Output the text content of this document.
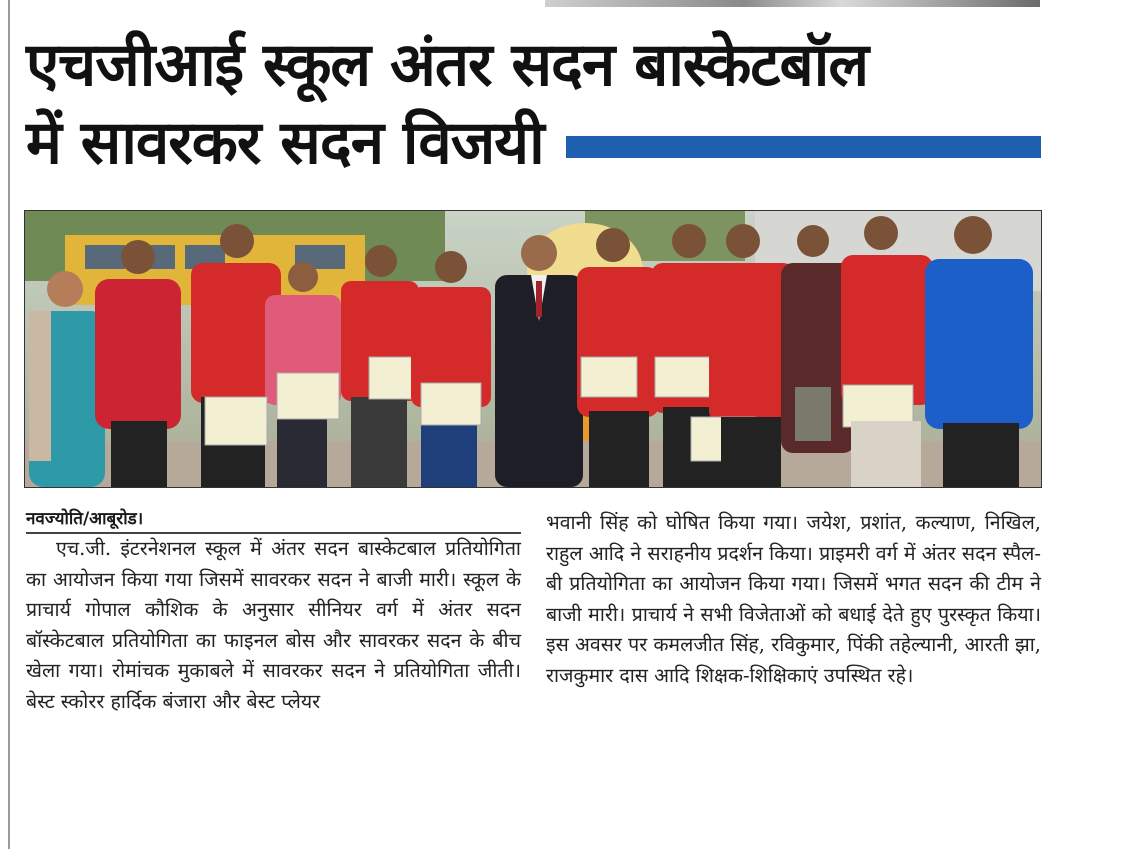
एचजीआई स्कूल अंतर सदन बास्केटबॉल
में सावरकर सदन विजयी
नवज्योति/आबूरोड।

एच.जी. इंटरनेशनल स्कूल में अंतर सदन बास्केटबाल प्रतियोगिता का आयोजन किया गया जिसमें सावरकर सदन ने बाजी मारी। स्कूल के प्राचार्य गोपाल कौशिक के अनुसार सीनियर वर्ग में अंतर सदन बॉस्केटबाल प्रतियोगिता का फाइनल बोस और सावरकर सदन के बीच खेला गया। रोमांचक मुकाबले में सावरकर सदन ने प्रतियोगिता जीती। बेस्ट स्कोरर हार्दिक बंजारा और बेस्ट प्लेयर

भवानी सिंह को घोषित किया गया। जयेश, प्रशांत, कल्याण, निखिल, राहुल आदि ने सराहनीय प्रदर्शन किया। प्राइमरी वर्ग में अंतर सदन स्पैल-बी प्रतियोगिता का आयोजन किया गया। जिसमें भगत सदन की टीम ने बाजी मारी। प्राचार्य ने सभी विजेताओं को बधाई देते हुए पुरस्कृत किया। इस अवसर पर कमलजीत सिंह, रविकुमार, पिंकी तहेल्यानी, आरती झा, राजकुमार दास आदि शिक्षक-शिक्षिकाएं उपस्थित रहे।
